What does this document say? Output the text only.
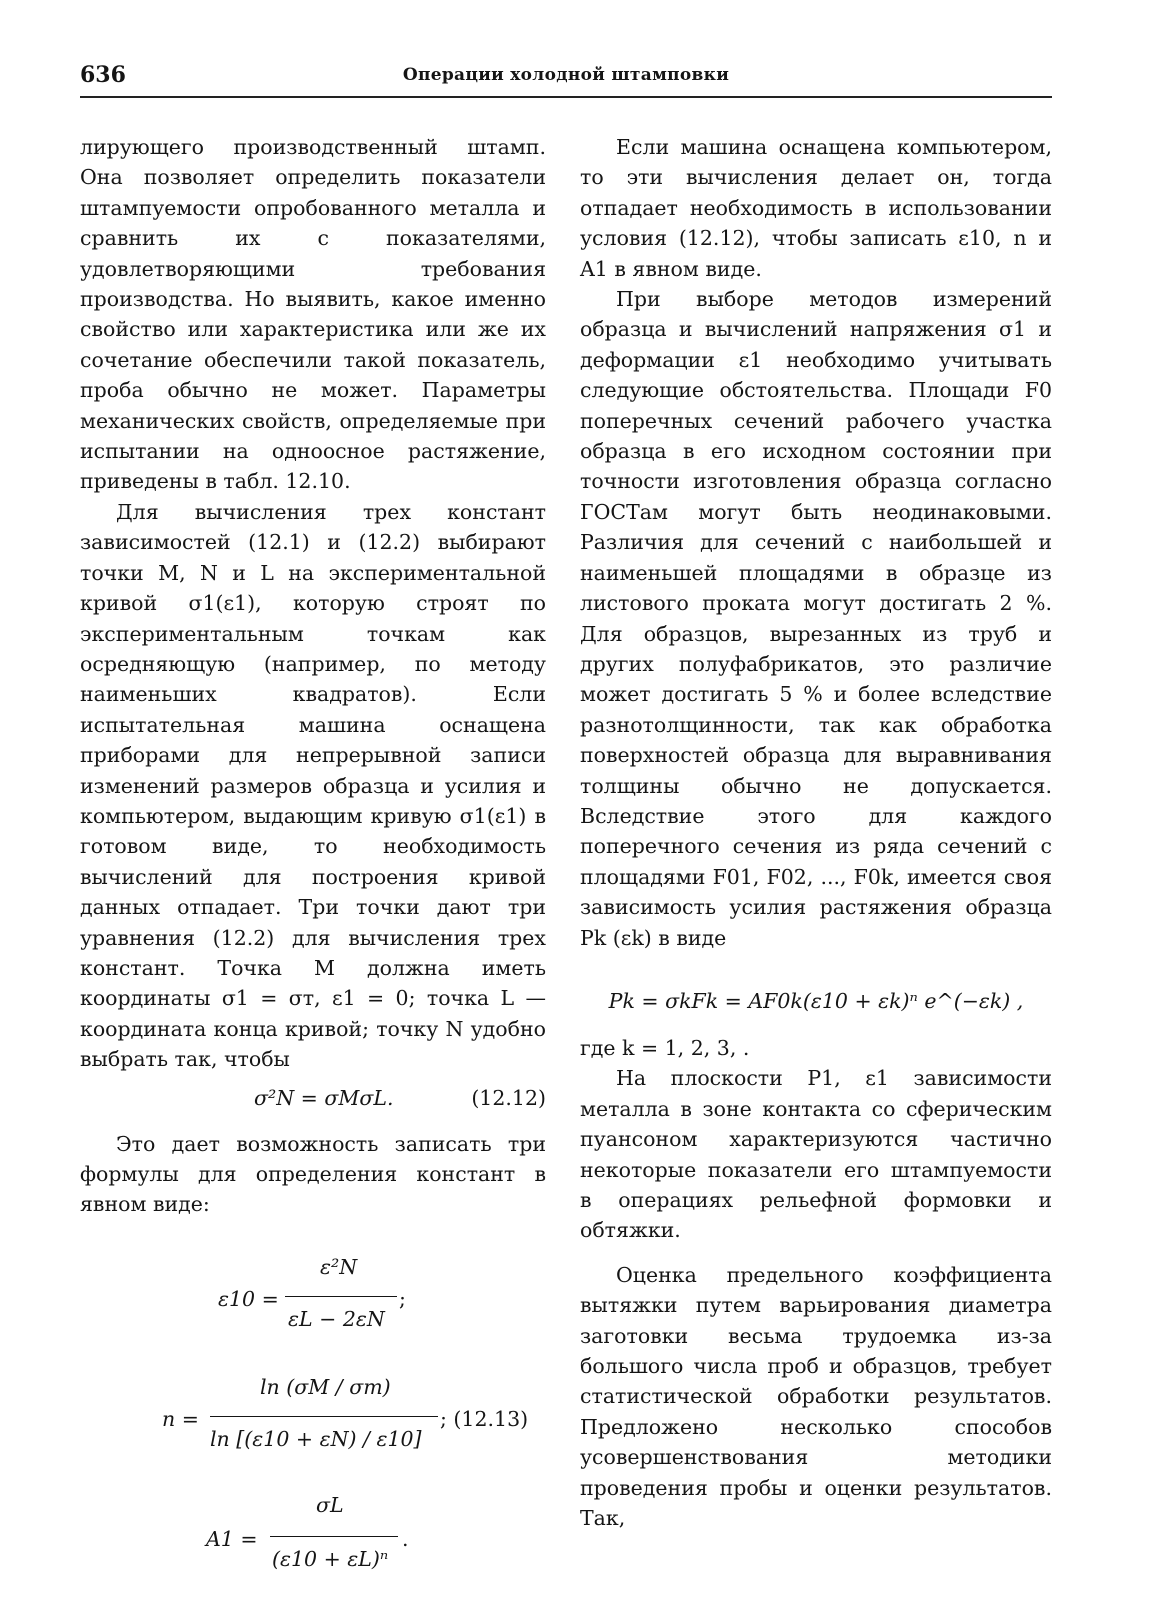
636	Операции холодной штамповки

лирующего производственный штамп. Она позволяет определить показатели штампуемости опробованного металла и сравнить их с показателями, удовлетворяющими требования производства. Но выявить, какое именно свойство или характеристика или же их сочетание обеспечили такой показатель, проба обычно не может. Параметры механических свойств, определяемые при испытании на одноосное растяжение, приведены в табл. 12.10.

Для вычисления трех констант зависимостей (12.1) и (12.2) выбирают точки M, N и L на экспериментальной кривой σ1(ε1), которую строят по экспериментальным точкам как осредняющую (например, по методу наименьших квадратов). Если испытательная машина оснащена приборами для непрерывной записи изменений размеров образца и усилия и компьютером, выдающим кривую σ1(ε1) в готовом виде, то необходимость вычислений для построения кривой данных отпадает. Три точки дают три уравнения (12.2) для вычисления трех констант. Точка M должна иметь координаты σ1 = σт, ε1 = 0; точка L — координата конца кривой; точку N удобно выбрать так, чтобы

σ²N = σMσL.	(12.12)

Это дает возможность записать три формулы для определения констант в явном виде:

ε10 =
ε²N
εL − 2εN
;
n =
ln (σM / σт)
ln [(ε10 + εN) / ε10]
; (12.13)
A1 =
σL
(ε10 + εL)ⁿ
.

Если машина оснащена компьютером, то эти вычисления делает он, тогда отпадает необходимость в использовании условия (12.12), чтобы записать ε10, n и A1 в явном виде.

При выборе методов измерений образца и вычислений напряжения σ1 и деформации ε1 необходимо учитывать следующие обстоятельства. Площади F0 поперечных сечений рабочего участка образца в его исходном состоянии при точности изготовления образца согласно ГОСТам могут быть неодинаковыми. Различия для сечений с наибольшей и наименьшей площадями в образце из листового проката могут достигать 2 %. Для образцов, вырезанных из труб и других полуфабрикатов, это различие может достигать 5 % и более вследствие разнотолщинности, так как обработка поверхностей образца для выравнивания толщины обычно не допускается. Вследствие этого для каждого поперечного сечения из ряда сечений с площадями F01, F02, ..., F0k, имеется своя зависимость усилия растяжения образца Pk (εk) в виде

Pk = σkFk = AF0k(ε10 + εk)ⁿ e^(−εk) ,

где k = 1, 2, 3, .

На плоскости P1, ε1 зависимости металла в зоне контакта со сферическим пуансоном характеризуются частично некоторые показатели его штампуемости в операциях рельефной формовки и обтяжки.

Оценка предельного коэффициента вытяжки путем варьирования диаметра заготовки весьма трудоемка из-за большого числа проб и образцов, требует статистической обработки результатов. Предложено несколько способов усовершенствования методики проведения пробы и оценки результатов. Так,
